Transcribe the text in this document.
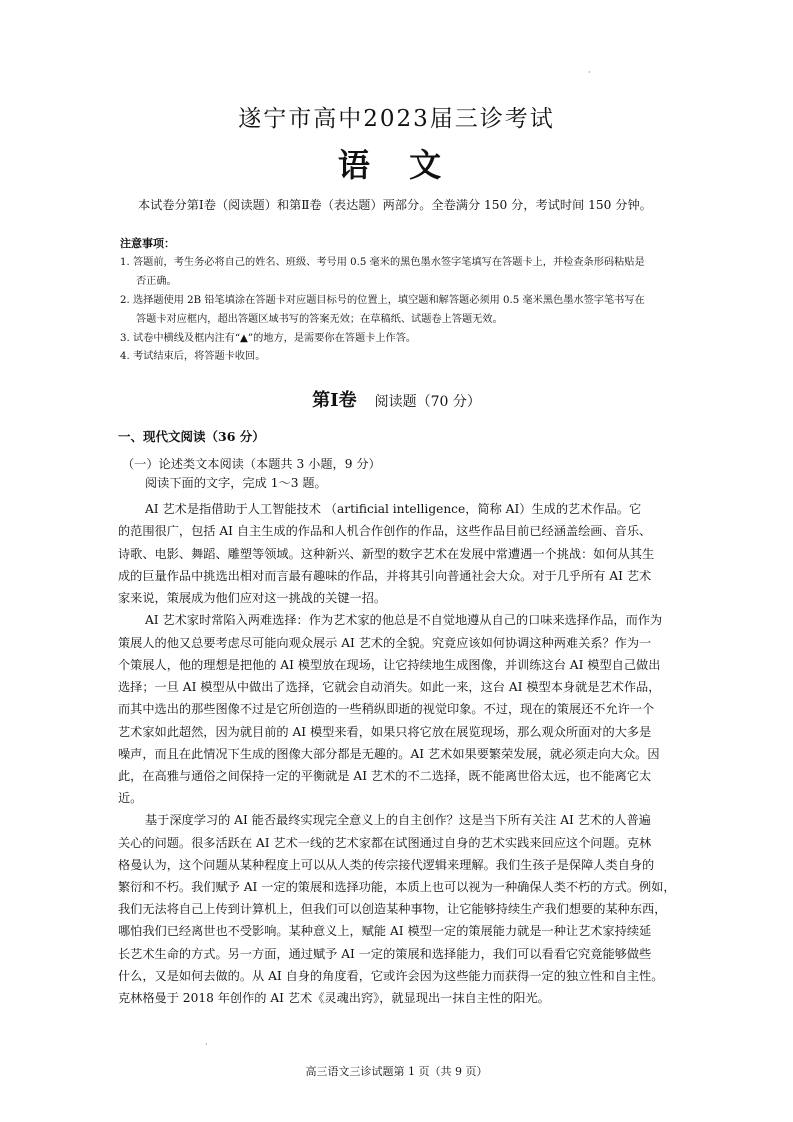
·
遂宁市高中2023届三诊考试
语 文
本试卷分第Ⅰ卷（阅读题）和第Ⅱ卷（表达题）两部分。全卷满分 150 分，考试时间 150 分钟。
注意事项：
1. 答题前，考生务必将自己的姓名、班级、考号用 0.5 毫米的黑色墨水签字笔填写在答题卡上，并检查条形码粘贴是
否正确。
2. 选择题使用 2B 铅笔填涂在答题卡对应题目标号的位置上，填空题和解答题必须用 0.5 毫米黑色墨水签字笔书写在
答题卡对应框内，超出答题区域书写的答案无效；在草稿纸、试题卷上答题无效。
3. 试卷中横线及框内注有“▲”的地方，是需要你在答题卡上作答。
4. 考试结束后，将答题卡收回。
第Ⅰ卷 阅读题（70 分）
一、现代文阅读（36 分）
（一）论述类文本阅读（本题共 3 小题，9 分）
阅读下面的文字，完成 1～3 题。
AI 艺术是指借助于人工智能技术 （artificial intelligence，简称 AI）生成的艺术作品。它
的范围很广，包括 AI 自主生成的作品和人机合作创作的作品，这些作品目前已经涵盖绘画、音乐、
诗歌、电影、舞蹈、雕塑等领域。这种新兴、新型的数字艺术在发展中常遭遇一个挑战：如何从其生
成的巨量作品中挑选出相对而言最有趣味的作品，并将其引向普通社会大众。对于几乎所有 AI 艺术
家来说，策展成为他们应对这一挑战的关键一招。
AI 艺术家时常陷入两难选择：作为艺术家的他总是不自觉地遵从自己的口味来选择作品，而作为
策展人的他又总要考虑尽可能向观众展示 AI 艺术的全貌。究竟应该如何协调这种两难关系？作为一
个策展人，他的理想是把他的 AI 模型放在现场，让它持续地生成图像，并训练这台 AI 模型自己做出
选择；一旦 AI 模型从中做出了选择，它就会自动消失。如此一来，这台 AI 模型本身就是艺术作品，
而其中选出的那些图像不过是它所创造的一些稍纵即逝的视觉印象。不过，现在的策展还不允许一个
艺术家如此超然，因为就目前的 AI 模型来看，如果只将它放在展览现场，那么观众所面对的大多是
噪声，而且在此情况下生成的图像大部分都是无趣的。AI 艺术如果要繁荣发展，就必须走向大众。因
此，在高雅与通俗之间保持一定的平衡就是 AI 艺术的不二选择，既不能离世俗太远，也不能离它太
近。
基于深度学习的 AI 能否最终实现完全意义上的自主创作？这是当下所有关注 AI 艺术的人普遍
关心的问题。很多活跃在 AI 艺术一线的艺术家都在试图通过自身的艺术实践来回应这个问题。克林
格曼认为，这个问题从某种程度上可以从人类的传宗接代逻辑来理解。我们生孩子是保障人类自身的
繁衍和不朽。我们赋予 AI 一定的策展和选择功能，本质上也可以视为一种确保人类不朽的方式。例如，
我们无法将自己上传到计算机上，但我们可以创造某种事物，让它能够持续生产我们想要的某种东西，
哪怕我们已经离世也不受影响。某种意义上，赋能 AI 模型一定的策展能力就是一种让艺术家持续延
长艺术生命的方式。另一方面，通过赋予 AI 一定的策展和选择能力，我们可以看看它究竟能够做些
什么，又是如何去做的。从 AI 自身的角度看，它或许会因为这些能力而获得一定的独立性和自主性。
克林格曼于 2018 年创作的 AI 艺术《灵魂出窍》，就显现出一抹自主性的阳光。
·
高三语文三诊试题第 1 页（共 9 页）
